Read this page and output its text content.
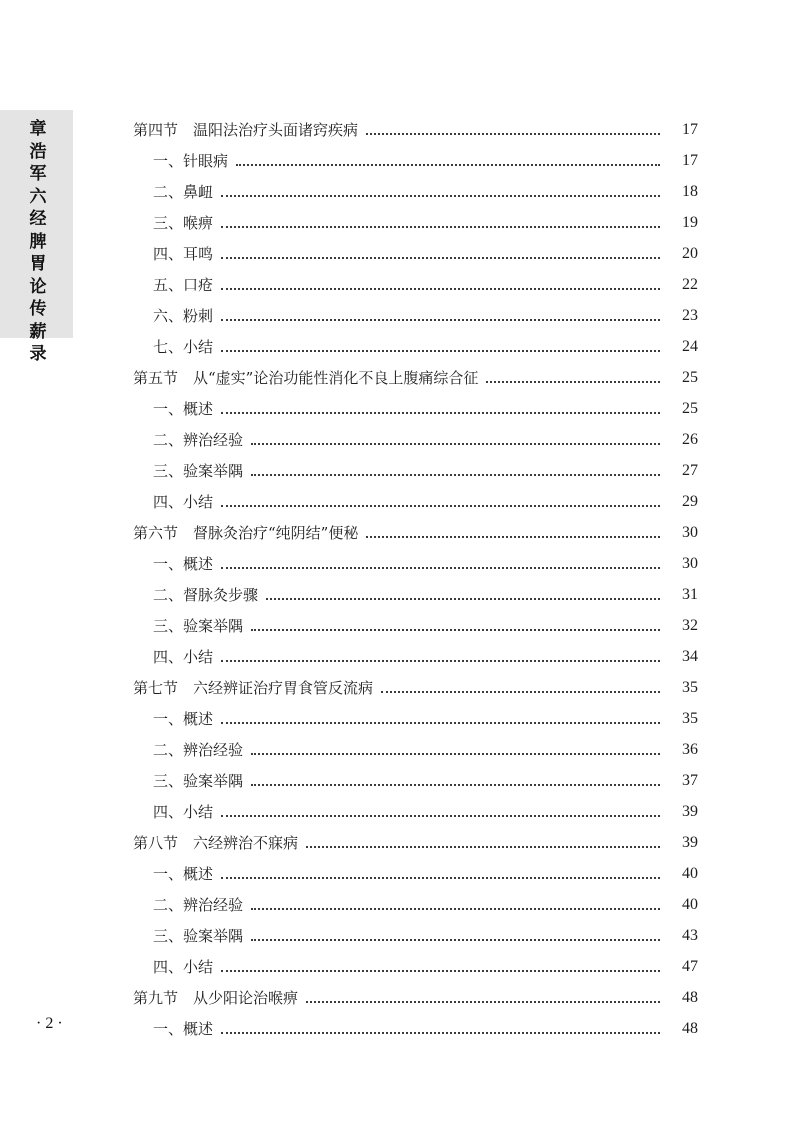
章
浩
军
六
经
脾
胃
论
传
薪
录
第四节　温阳法治疗头面诸窍疾病	17
一、针眼病	17
二、鼻衄	18
三、喉痹	19
四、耳鸣	20
五、口疮	22
六、粉刺	23
七、小结	24
第五节　从“虚实”论治功能性消化不良上腹痛综合征	25
一、概述	25
二、辨治经验	26
三、验案举隅	27
四、小结	29
第六节　督脉灸治疗“纯阴结”便秘	30
一、概述	30
二、督脉灸步骤	31
三、验案举隅	32
四、小结	34
第七节　六经辨证治疗胃食管反流病	35
一、概述	35
二、辨治经验	36
三、验案举隅	37
四、小结	39
第八节　六经辨治不寐病	39
一、概述	40
二、辨治经验	40
三、验案举隅	43
四、小结	47
第九节　从少阳论治喉痹	48
一、概述	48
· 2 ·
